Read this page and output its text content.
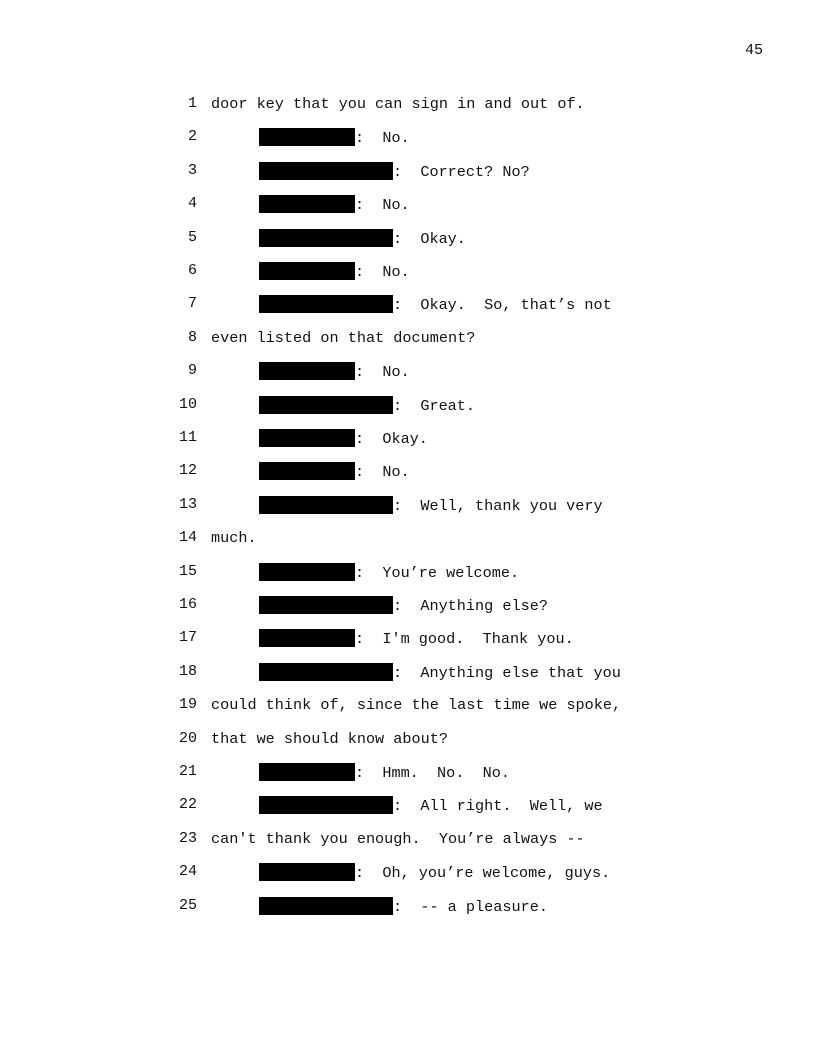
45
1 door key that you can sign in and out of.
2	:  No.
3	:  Correct? No?
4	:  No.
5	:  Okay.
6	:  No.
7	:  Okay.  So, that’s not
8 even listed on that document?
9	:  No.
10	:  Great.
11	:  Okay.
12	:  No.
13	:  Well, thank you very
14 much.
15	:  You’re welcome.
16	:  Anything else?
17	:  I'm good.  Thank you.
18	:  Anything else that you
19 could think of, since the last time we spoke,
20 that we should know about?
21	:  Hmm.  No.  No.
22	:  All right.  Well, we
23 can't thank you enough.  You’re always --
24	:  Oh, you’re welcome, guys.
25	:  -- a pleasure.
